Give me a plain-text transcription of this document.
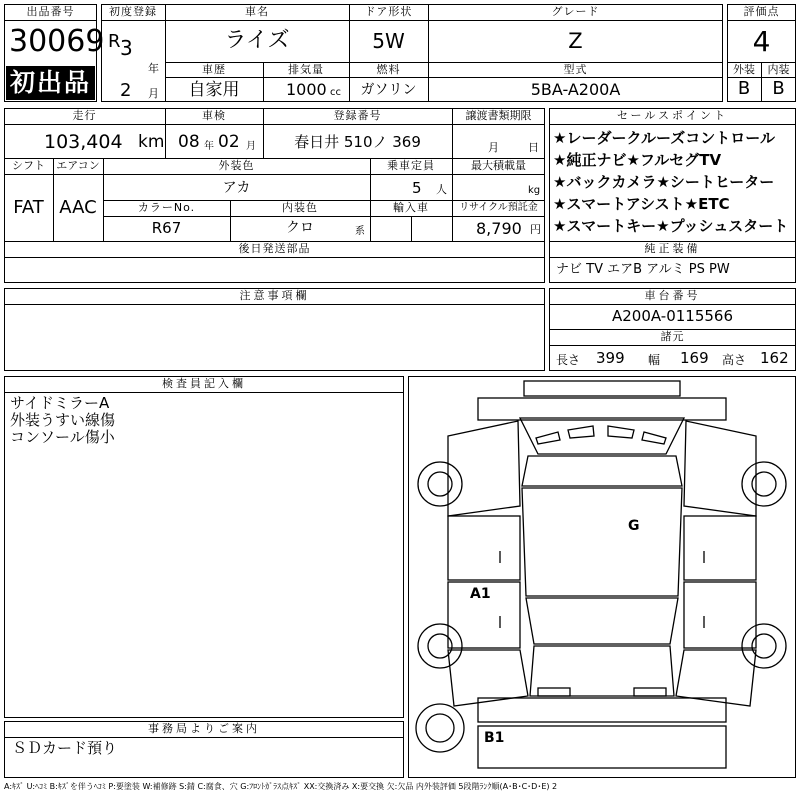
出品番号
30069
初出品
初度登録
R 3
年
2 月
車名
ライズ
ドア形状
5W
グレード
Z
車歴
自家用
排気量
1000 cc
燃料
ガソリン
型式
5BA-A200A
評価点
4
外装	内装
B	B
走行
103,404 km
車検
08 年 02 月
登録番号
春日井 510ノ 369
譲渡書類期限
月	日
シフト
FAT
エアコン
AAC
外装色
アカ
乗車定員
5 人
最大積載量
kg
カラーNo.
R67
内装色
クロ	系
輸入車	リサイクル預託金
8,790 円
後日発送部品
セールスポイント
★レーダークルーズコントロール
★純正ナビ★フルセグTV
★バックカメラ★シートヒーター
★スマートアシスト★ETC
★スマートキー★プッシュスタート
純正装備
ナビ TV エアB アルミ PS PW
注意事項欄	車台番号
A200A-0115566
諸元
長さ 399 幅 169 高さ 162
検査員記入欄
サイドミラーA
外装うすい線傷
コンソール傷小
事務局よりご案内
ＳＤカード預り
G
A1
B1
A:ｷｽﾞ U:ﾍｺﾐ B:ｷｽﾞを伴うﾍｺﾐ P:要塗装 W:補修跡 S:錆 C:腐食、穴 G:ﾌﾛﾝﾄｶﾞﾗｽ点ｷｽﾞ XX:交換済み X:要交換 欠:欠品 内外装評価 5段階ﾗﾝｸ順(A･B･C･D･E) 2
